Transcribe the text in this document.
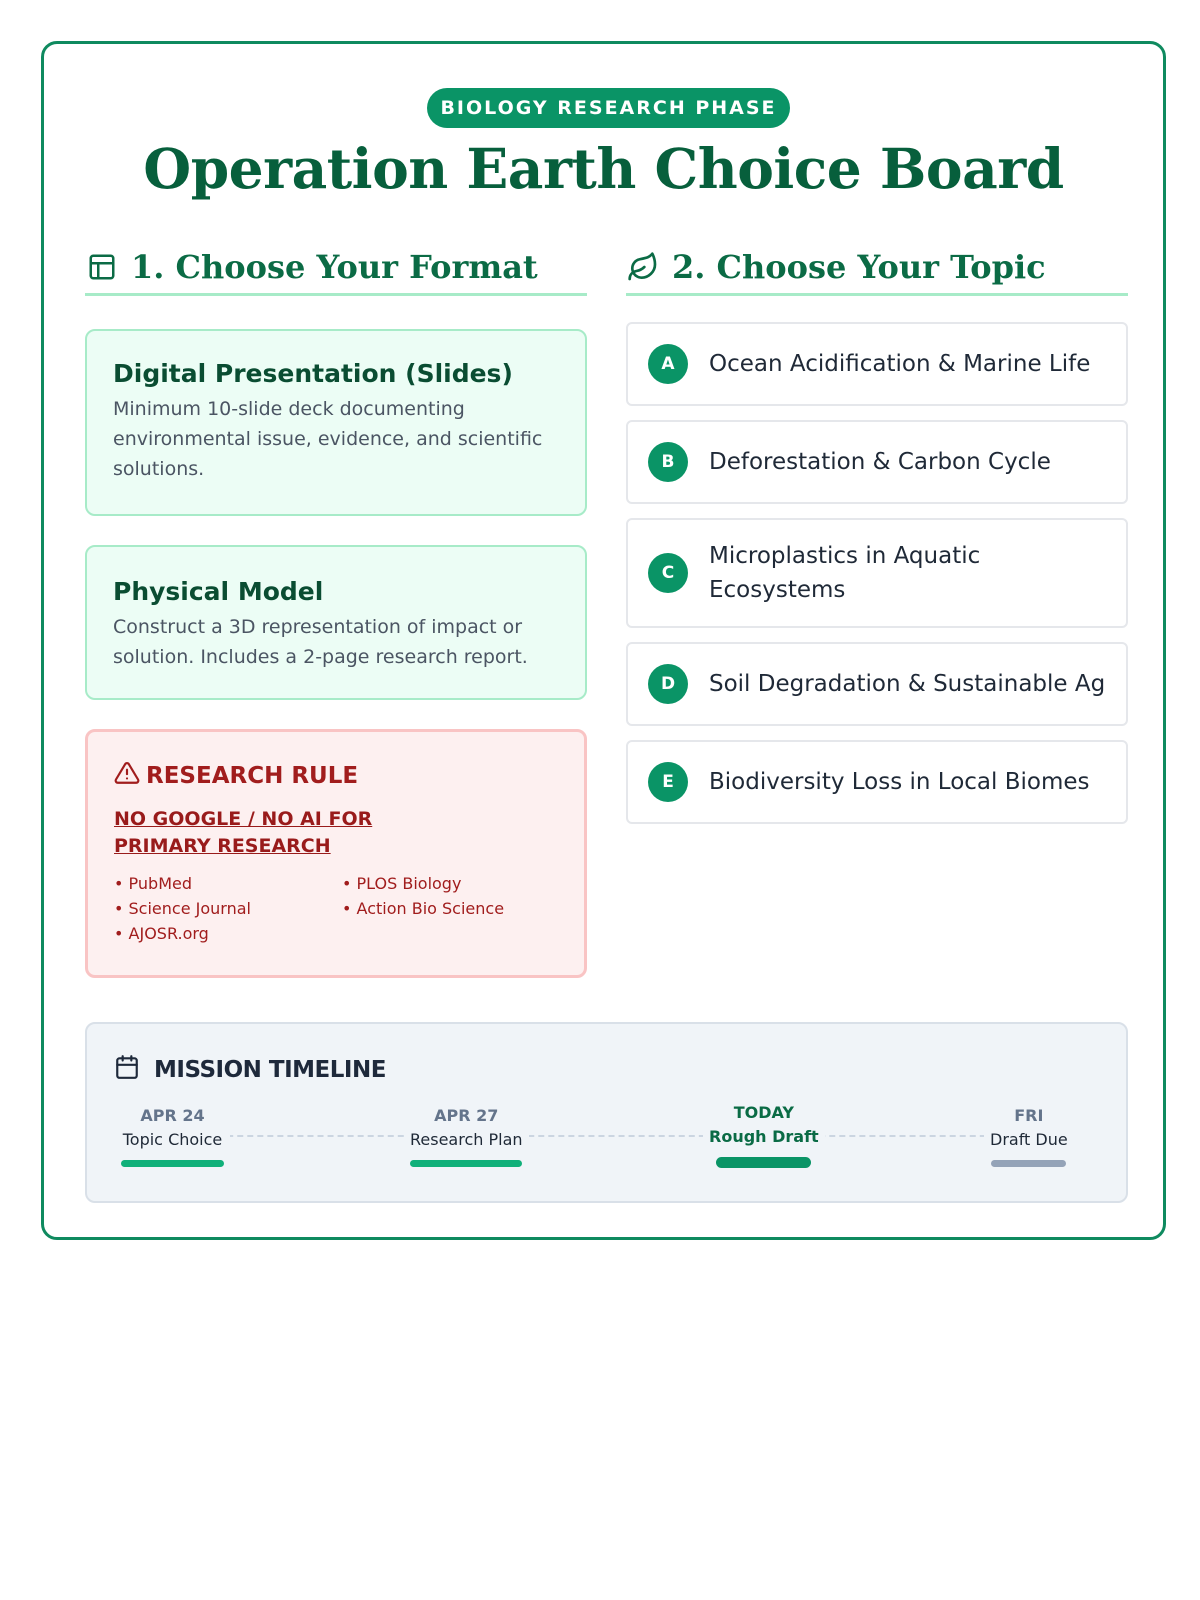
BIOLOGY RESEARCH PHASE
Operation Earth Choice Board
1. Choose Your Format	2. Choose Your Topic
Digital Presentation (Slides)
Minimum 10-slide deck documenting environmental issue, evidence, and scientific solutions.
Physical Model
Construct a 3D representation of impact or solution. Includes a 2-page research report.
RESEARCH RULE
NO GOOGLE / NO AI FOR PRIMARY RESEARCH
• PubMed	• PLOS Biology
• Science Journal	• Action Bio Science
• AJOSR.org
A	Ocean Acidification & Marine Life
B	Deforestation & Carbon Cycle
C
Microplastics in Aquatic Ecosystems
D	Soil Degradation & Sustainable Ag
E	Biodiversity Loss in Local Biomes
MISSION TIMELINE
APR 24
Topic Choice
APR 27
Research Plan
TODAY
Rough Draft
FRI
Draft Due
